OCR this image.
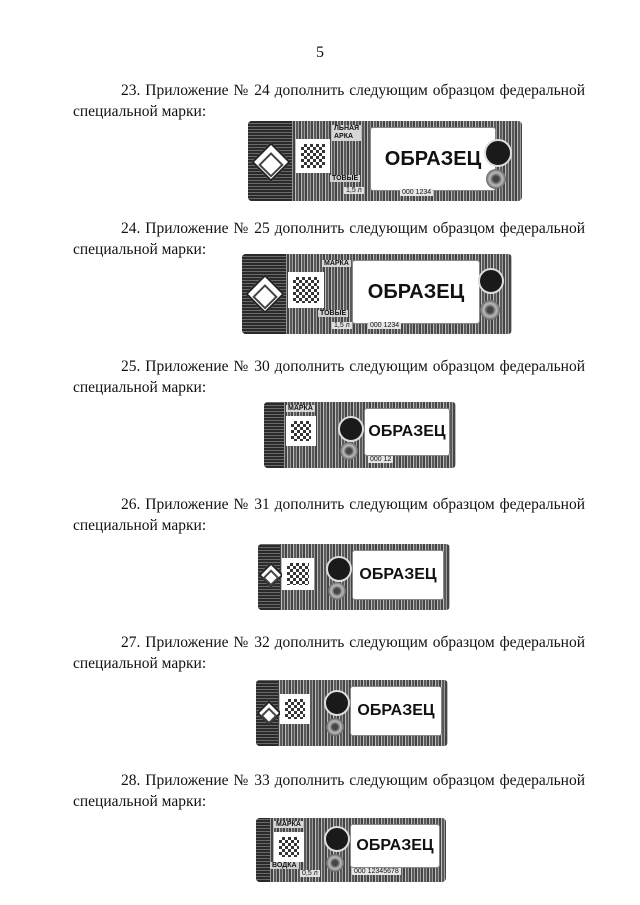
5

23. Приложение № 24 дополнить следующим образцом федеральной

специальной марки:

ЛЬНАЯ
АРКА
ТОВЫЕ
1,5 л
ОБРАЗЕЦ
000 1234

24. Приложение № 25 дополнить следующим образцом федеральной

специальной марки:

МАРКА
ТОВЫЕ
1,5 л
ОБРАЗЕЦ
000 1234

25. Приложение № 30 дополнить следующим образцом федеральной

специальной марки:

МАРКА
ОБРАЗЕЦ
000 12

26. Приложение № 31 дополнить следующим образцом федеральной

специальной марки:

ОБРАЗЕЦ

27. Приложение № 32 дополнить следующим образцом федеральной

специальной марки:

ОБРАЗЕЦ

28. Приложение № 33 дополнить следующим образцом федеральной

специальной марки:

МАРКА
ВОДКА
0,5 л
ОБРАЗЕЦ
000 12345678
